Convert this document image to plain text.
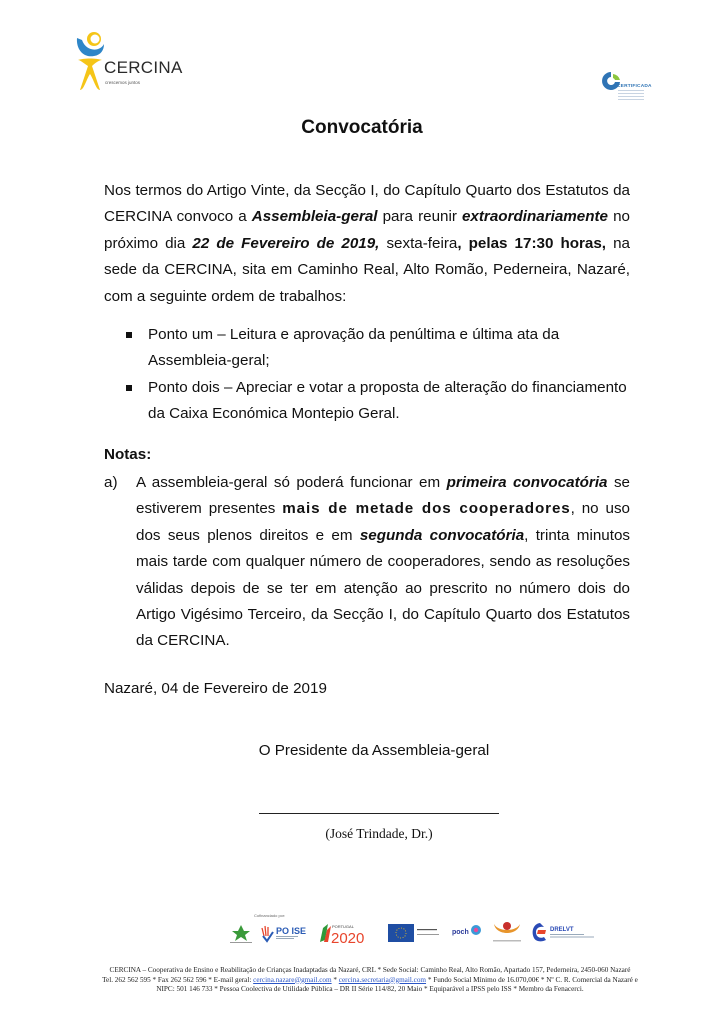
CERCINA
crescemos juntos
CERTIFICADA
Convocatória
Nos termos do Artigo Vinte, da Secção I, do Capítulo Quarto dos Estatutos da CERCINA convoco a Assembleia-geral para reunir extraordinariamente no próximo dia 22 de Fevereiro de 2019, sexta-feira, pelas 17:30 horas, na sede da CERCINA, sita em Caminho Real, Alto Romão, Pederneira, Nazaré, com a seguinte ordem de trabalhos:
Ponto um – Leitura e aprovação da penúltima e última ata da Assembleia-geral;
Ponto dois – Apreciar e votar a proposta de alteração do financiamento da Caixa Económica Montepio Geral.
Notas:
a) A assembleia-geral só poderá funcionar em primeira convocatória se estiverem presentes mais de metade dos cooperadores, no uso dos seus plenos direitos e em segunda convocatória, trinta minutos mais tarde com qualquer número de cooperadores, sendo as resoluções válidas depois de se ter em atenção ao prescrito no número dois do Artigo Vigésimo Terceiro, da Secção I, do Capítulo Quarto dos Estatutos da CERCINA.
Nazaré, 04 de Fevereiro de 2019
O Presidente da Assembleia-geral
(José Trindade, Dr.)
Cofinanciado por:
PO ISE	PORTUGAL
2020	poch	DRELVT
CERCINA – Cooperativa de Ensino e Reabilitação de Crianças Inadaptadas da Nazaré, CRL * Sede Social: Caminho Real, Alto Romão, Apartado 157, Pederneira, 2450-060 Nazaré
Tel. 262 562 595 * Fax 262 562 596 * E-mail geral: cercina.nazare@gmail.com * cercina.secretaria@gmail.com * Fundo Social Mínimo de 16.070,00€ * Nº C. R. Comercial da Nazaré e
NIPC: 501 146 733 * Pessoa Coolectiva de Utilidade Pública – DR II Série 114/82, 20 Maio * Equiparável a IPSS pelo ISS * Membro da Fenacerci.
